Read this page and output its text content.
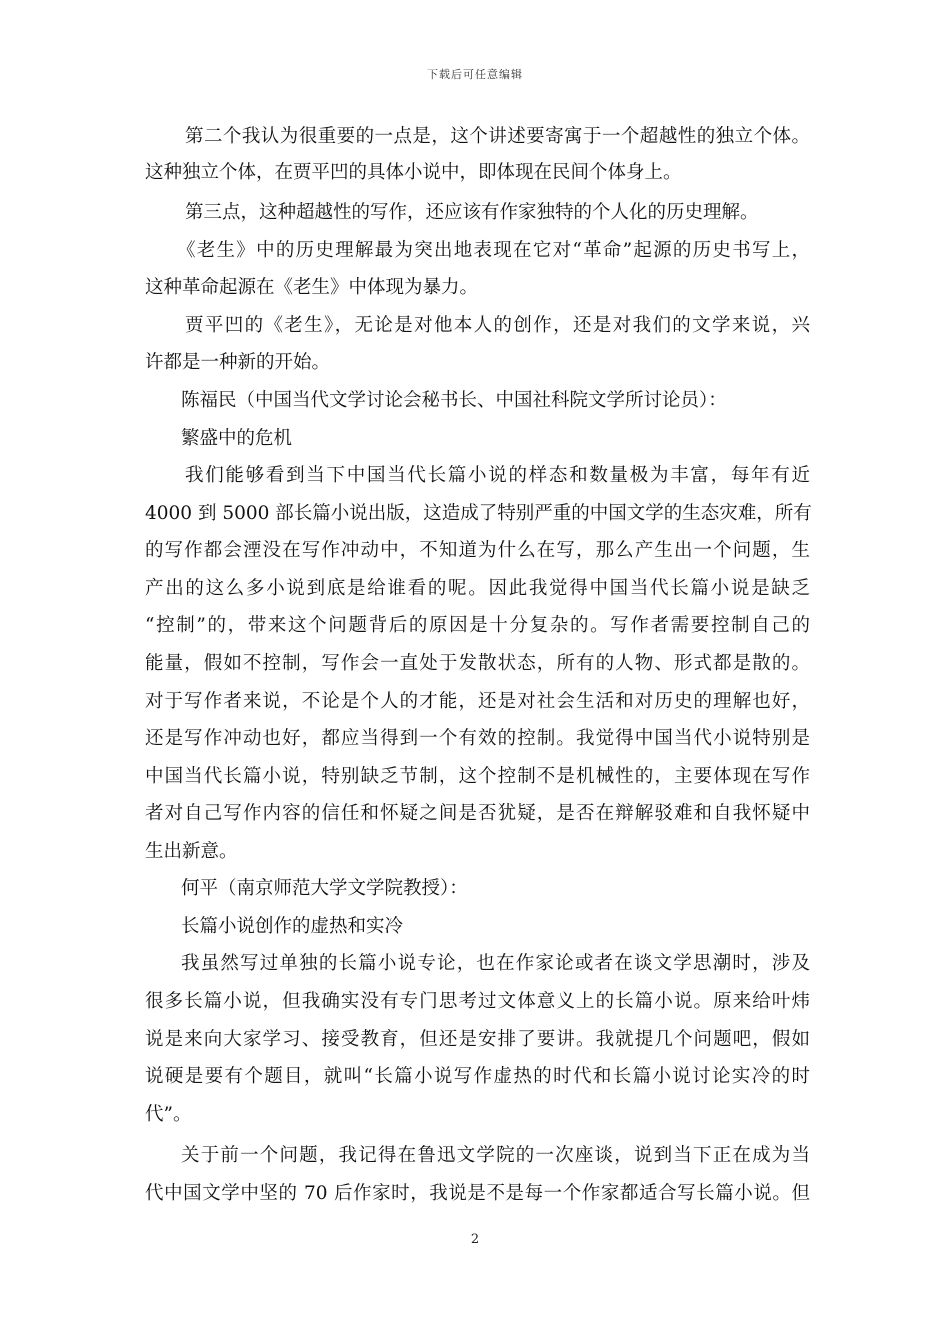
下载后可任意编辑
第二个我认为很重要的一点是，这个讲述要寄寓于一个超越性的独立个体。
这种独立个体，在贾平凹的具体小说中，即体现在民间个体身上。
第三点，这种超越性的写作，还应该有作家独特的个人化的历史理解。
《老生》中的历史理解最为突出地表现在它对“革命”起源的历史书写上，
这种革命起源在《老生》中体现为暴力。
贾平凹的《老生》，无论是对他本人的创作，还是对我们的文学来说，兴
许都是一种新的开始。
陈福民（中国当代文学讨论会秘书长、中国社科院文学所讨论员）：
繁盛中的危机
我们能够看到当下中国当代长篇小说的样态和数量极为丰富，每年有近
4000 到 5000 部长篇小说出版，这造成了特别严重的中国文学的生态灾难，所有
的写作都会湮没在写作冲动中，不知道为什么在写，那么产生出一个问题，生
产出的这么多小说到底是给谁看的呢。因此我觉得中国当代长篇小说是缺乏
“控制”的，带来这个问题背后的原因是十分复杂的。写作者需要控制自己的
能量，假如不控制，写作会一直处于发散状态，所有的人物、形式都是散的。
对于写作者来说，不论是个人的才能，还是对社会生活和对历史的理解也好，
还是写作冲动也好，都应当得到一个有效的控制。我觉得中国当代小说特别是
中国当代长篇小说，特别缺乏节制，这个控制不是机械性的，主要体现在写作
者对自己写作内容的信任和怀疑之间是否犹疑，是否在辩解驳难和自我怀疑中
生出新意。
何平（南京师范大学文学院教授）：
长篇小说创作的虚热和实冷
我虽然写过单独的长篇小说专论，也在作家论或者在谈文学思潮时，涉及
很多长篇小说，但我确实没有专门思考过文体意义上的长篇小说。原来给叶炜
说是来向大家学习、接受教育，但还是安排了要讲。我就提几个问题吧，假如
说硬是要有个题目，就叫“长篇小说写作虚热的时代和长篇小说讨论实冷的时
代”。
关于前一个问题，我记得在鲁迅文学院的一次座谈，说到当下正在成为当
代中国文学中坚的 70 后作家时，我说是不是每一个作家都适合写长篇小说。但
2
